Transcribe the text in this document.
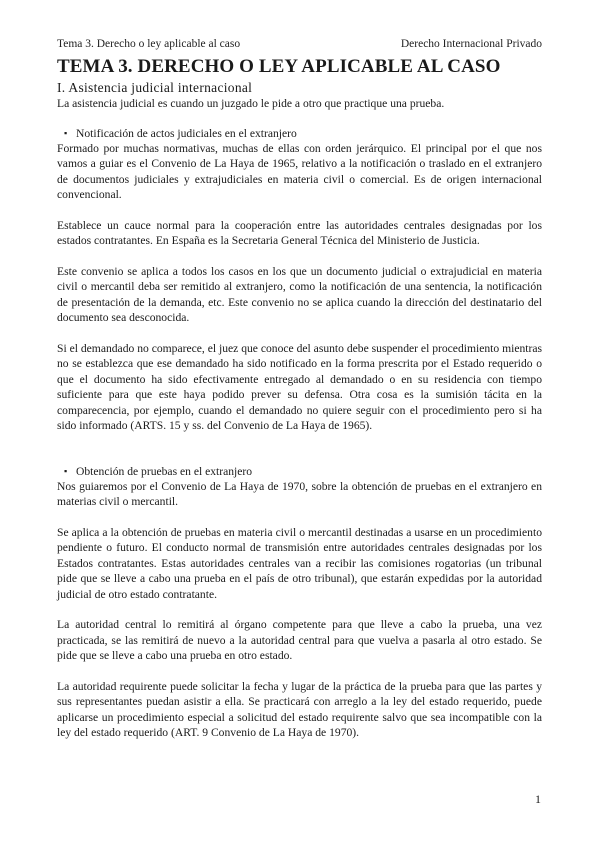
Tema 3. Derecho o ley aplicable al caso	Derecho Internacional Privado
TEMA 3. DERECHO O LEY APLICABLE AL CASO
I. Asistencia judicial internacional

La asistencia judicial es cuando un juzgado le pide a otro que practique una prueba.

▪ Notificación de actos judiciales en el extranjero

Formado por muchas normativas, muchas de ellas con orden jerárquico. El principal por el que nos vamos a guiar es el Convenio de La Haya de 1965, relativo a la notificación o traslado en el extranjero de documentos judiciales y extrajudiciales en materia civil o comercial. Es de origen internacional convencional.

Establece un cauce normal para la cooperación entre las autoridades centrales designadas por los estados contratantes. En España es la Secretaria General Técnica del Ministerio de Justicia.

Este convenio se aplica a todos los casos en los que un documento judicial o extrajudicial en materia civil o mercantil deba ser remitido al extranjero, como la notificación de una sentencia, la notificación de presentación de la demanda, etc. Este convenio no se aplica cuando la dirección del destinatario del documento sea desconocida.

Si el demandado no comparece, el juez que conoce del asunto debe suspender el procedimiento mientras no se establezca que ese demandado ha sido notificado en la forma prescrita por el Estado requerido o que el documento ha sido efectivamente entregado al demandado o en su residencia con tiempo suficiente para que este haya podido prever su defensa. Otra cosa es la sumisión tácita en la comparecencia, por ejemplo, cuando el demandado no quiere seguir con el procedimiento pero si ha sido informado (ARTS. 15 y ss. del Convenio de La Haya de 1965).

▪ Obtención de pruebas en el extranjero

Nos guiaremos por el Convenio de La Haya de 1970, sobre la obtención de pruebas en el extranjero en materias civil o mercantil.

Se aplica a la obtención de pruebas en materia civil o mercantil destinadas a usarse en un procedimiento pendiente o futuro. El conducto normal de transmisión entre autoridades centrales designadas por los Estados contratantes. Estas autoridades centrales van a recibir las comisiones rogatorias (un tribunal pide que se lleve a cabo una prueba en el país de otro tribunal), que estarán expedidas por la autoridad judicial de otro estado contratante.

La autoridad central lo remitirá al órgano competente para que lleve a cabo la prueba, una vez practicada, se las remitirá de nuevo a la autoridad central para que vuelva a pasarla al otro estado. Se pide que se lleve a cabo una prueba en otro estado.

La autoridad requirente puede solicitar la fecha y lugar de la práctica de la prueba para que las partes y sus representantes puedan asistir a ella. Se practicará con arreglo a la ley del estado requerido, puede aplicarse un procedimiento especial a solicitud del estado requirente salvo que sea incompatible con la ley del estado requerido (ART. 9 Convenio de La Haya de 1970).

1
